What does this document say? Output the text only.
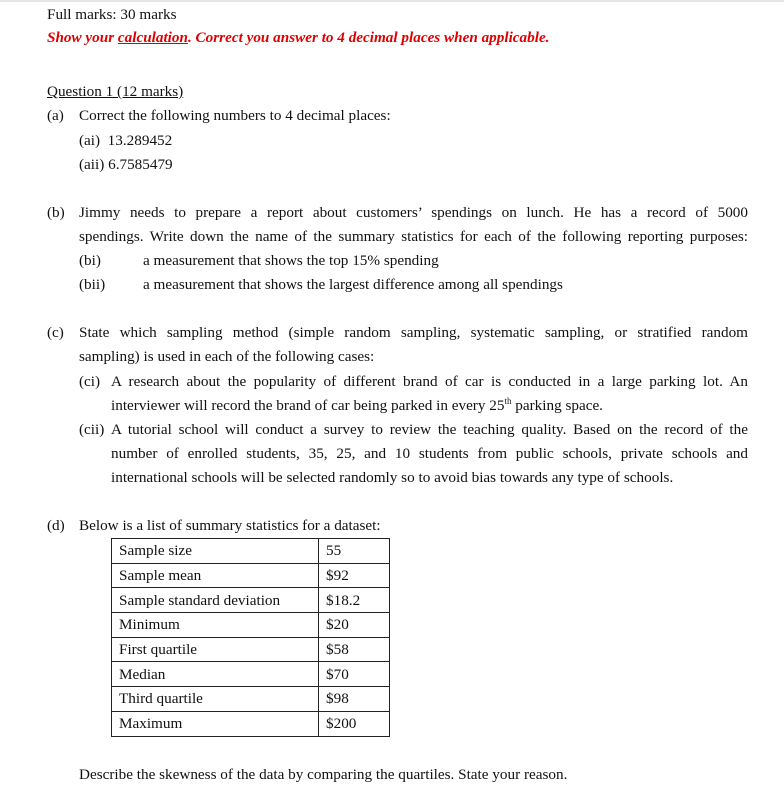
Full marks: 30 marks
Show your calculation. Correct you answer to 4 decimal places when applicable.
Question 1 (12 marks)
(a) Correct the following numbers to 4 decimal places:
(ai) 13.289452
(aii) 6.7585479
(b) Jimmy needs to prepare a report about customers’ spendings on lunch. He has a record of 5000
spendings. Write down the name of the summary statistics for each of the following reporting purposes:
(bi)	a measurement that shows the top 15% spending
(bii) a measurement that shows the largest difference among all spendings
(c) State which sampling method (simple random sampling, systematic sampling, or stratified random
sampling) is used in each of the following cases:
(ci) A research about the popularity of different brand of car is conducted in a large parking lot. An
interviewer will record the brand of car being parked in every 25th parking space.
(cii) A tutorial school will conduct a survey to review the teaching quality. Based on the record of the
number of enrolled students, 35, 25, and 10 students from public schools, private schools and
international schools will be selected randomly so to avoid bias towards any type of schools.
(d) Below is a list of summary statistics for a dataset:
Sample size	55
Sample mean	$92
Sample standard deviation	$18.2
Minimum	$20
First quartile	$58
Median	$70
Third quartile	$98
Maximum	$200
Describe the skewness of the data by comparing the quartiles. State your reason.
